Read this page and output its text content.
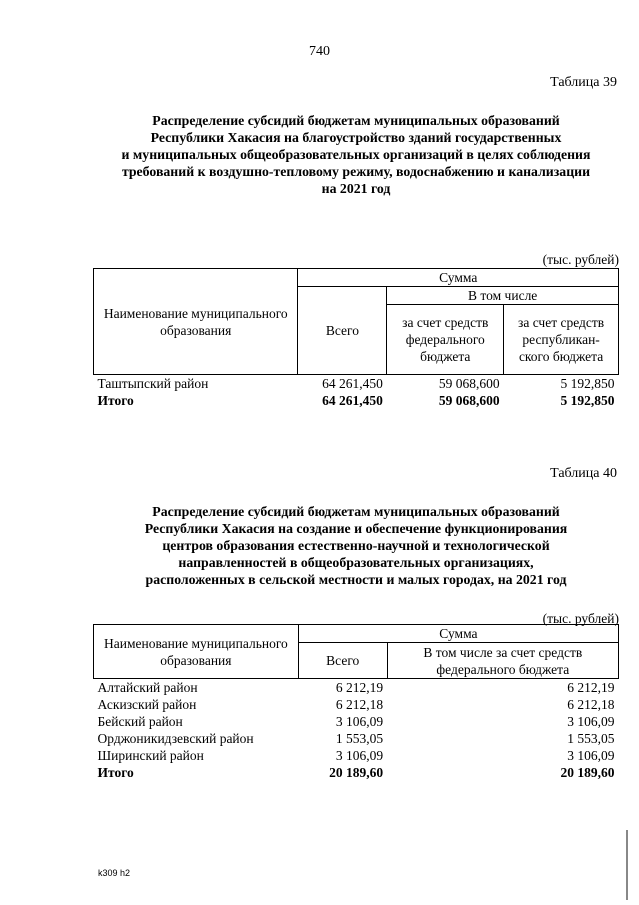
740
Таблица 39
Распределение субсидий бюджетам муниципальных образований
Республики Хакасия на благоустройство зданий государственных
и муниципальных общеобразовательных организаций в целях соблюдения
требований к воздушно-тепловому режиму, водоснабжению и канализации
на 2021 год
(тыс. рублей)
Наименование муниципального образования	Сумма		
	Всего	В том числе	
		за счет средств федерального бюджета	за счет средств республикан-ского бюджета
Таштыпский район	64 261,450	59 068,600	5 192,850
Итого	64 261,450	59 068,600	5 192,850
Таблица 40
Распределение субсидий бюджетам муниципальных образований
Республики Хакасия на создание и обеспечение функционирования
центров образования естественно-научной и технологической
направленностей в общеобразовательных организациях,
расположенных в сельской местности и малых городах, на 2021 год
(тыс. рублей)
Наименование муниципального образования	Сумма	
	Всего	В том числе за счет средств федерального бюджета
Алтайский район	6 212,19	6 212,19
Аскизский район	6 212,18	6 212,18
Бейский район	3 106,09	3 106,09
Орджоникидзевский район	1 553,05	1 553,05
Ширинский район	3 106,09	3 106,09
Итого	20 189,60	20 189,60
k309 h2
